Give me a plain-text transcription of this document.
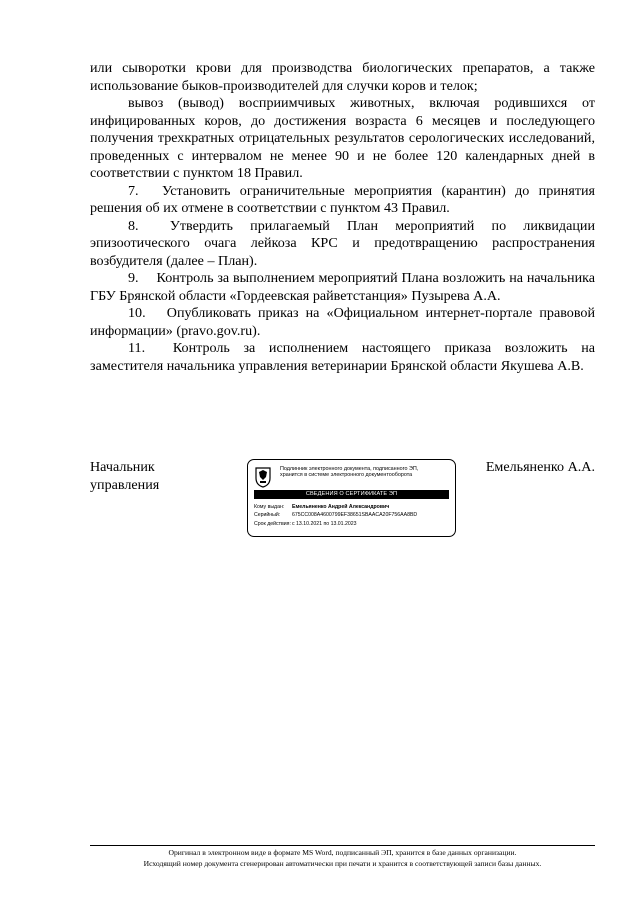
или сыворотки крови для производства биологических препаратов, а также использование быков-производителей для случки коров и телок;

вывоз (вывод) восприимчивых животных, включая родившихся от инфицированных коров, до достижения возраста 6 месяцев и последующего получения трехкратных отрицательных результатов серологических исследований, проведенных с интервалом не менее 90 и не более 120 календарных дней в соответствии с пунктом 18 Правил.

7.  Установить ограничительные мероприятия (карантин) до принятия решения об их отмене в соответствии с пунктом 43 Правил.

8.  Утвердить прилагаемый План мероприятий по ликвидации эпизоотического очага лейкоза КРС и предотвращению распространения возбудителя (далее – План).

9.  Контроль за выполнением мероприятий Плана возложить на начальника ГБУ Брянской области «Гордеевская райветстанция» Пузырева А.А.

10.  Опубликовать приказ на «Официальном интернет-портале правовой информации» (pravo.gov.ru).

11.  Контроль за исполнением настоящего приказа возложить на заместителя начальника управления ветеринарии Брянской области Якушева А.В.

Начальник
управления
Подлинник электронного документа, подписанного ЭП,
хранится в системе электронного документооборота
СВЕДЕНИЯ О СЕРТИФИКАТЕ ЭП
Кому выдан: Емельяненко Андрей Александрович
Серийный: 675CC008A4600799EF38651SBAACA20F756AA8BD
Срок действия:с 13.10.2021 по 13.01.2023
Емельяненко А.А.
Оригинал в электронном виде в формате MS Word, подписанный ЭП, хранится в базе данных организации.
Исходящий номер документа сгенерирован автоматически при печати и хранится в соответствующей записи базы данных.
